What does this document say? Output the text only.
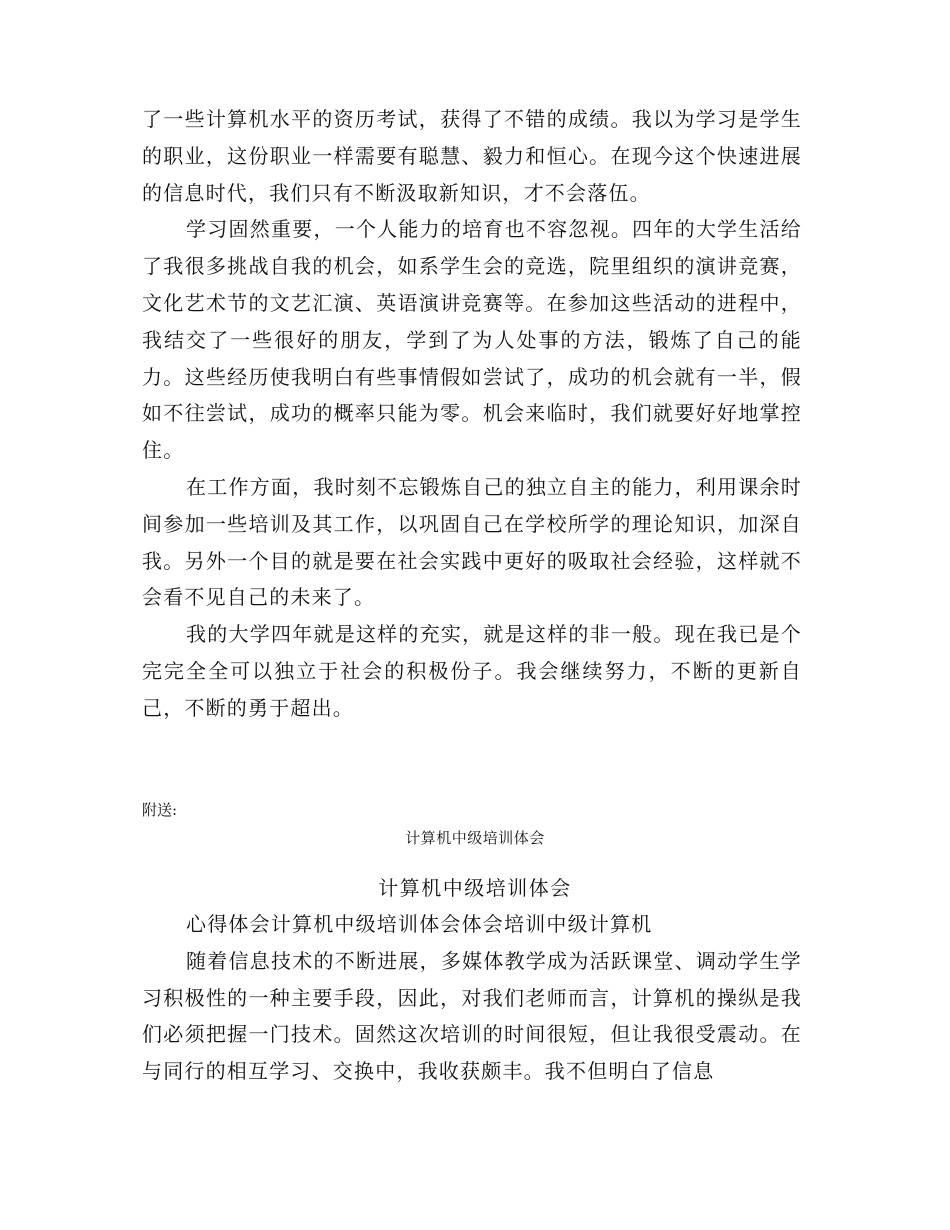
了一些计算机水平的资历考试，获得了不错的成绩。我以为学习是学生的职业，这份职业一样需要有聪慧、毅力和恒心。在现今这个快速进展的信息时代，我们只有不断汲取新知识，才不会落伍。

学习固然重要，一个人能力的培育也不容忽视。四年的大学生活给了我很多挑战自我的机会，如系学生会的竞选，院里组织的演讲竞赛，文化艺术节的文艺汇演、英语演讲竞赛等。在参加这些活动的进程中，我结交了一些很好的朋友，学到了为人处事的方法，锻炼了自己的能力。这些经历使我明白有些事情假如尝试了，成功的机会就有一半，假如不往尝试，成功的概率只能为零。机会来临时，我们就要好好地掌控住。

在工作方面，我时刻不忘锻炼自己的独立自主的能力，利用课余时间参加一些培训及其工作，以巩固自己在学校所学的理论知识，加深自我。另外一个目的就是要在社会实践中更好的吸取社会经验，这样就不会看不见自己的未来了。

我的大学四年就是这样的充实，就是这样的非一般。现在我已是个完完全全可以独立于社会的积极份子。我会继续努力，不断的更新自己，不断的勇于超出。

附送:
计算机中级培训体会
计算机中级培训体会

心得体会计算机中级培训体会体会培训中级计算机

随着信息技术的不断进展，多媒体教学成为活跃课堂、调动学生学习积极性的一种主要手段，因此，对我们老师而言，计算机的操纵是我们必须把握一门技术。固然这次培训的时间很短，但让我很受震动。在与同行的相互学习、交换中，我收获颇丰。我不但明白了信息
